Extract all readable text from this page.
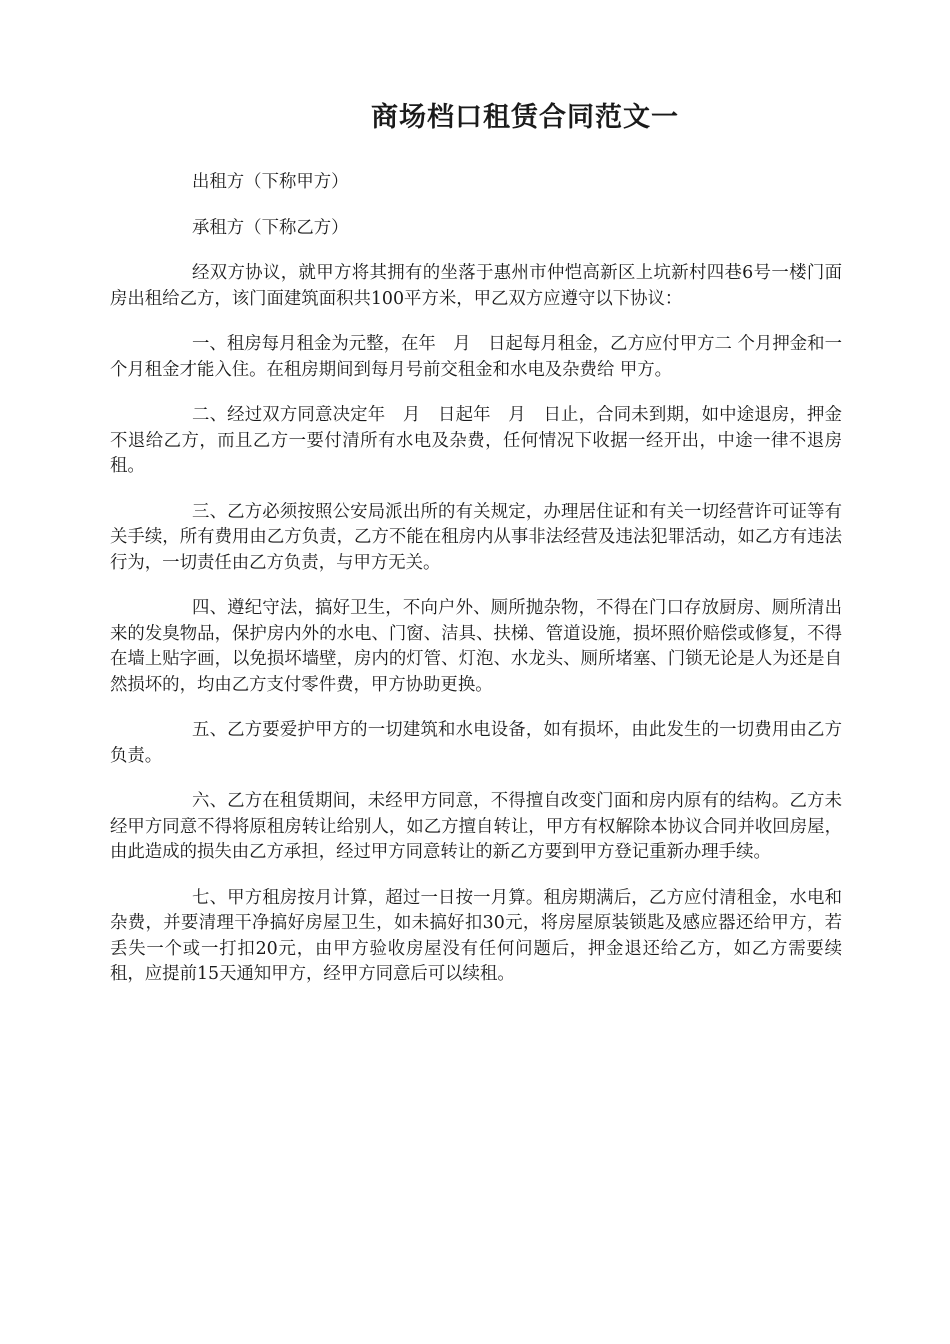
商场档口租赁合同范文一

出租方（下称甲方）

承租方（下称乙方）

经双方协议，就甲方将其拥有的坐落于惠州市仲恺高新区上坑新村四巷6号一楼门面房出租给乙方，该门面建筑面积共100平方米，甲乙双方应遵守以下协议：

一、租房每月租金为元整，在年　月　日起每月租金，乙方应付甲方二 个月押金和一个月租金才能入住。在租房期间到每月号前交租金和水电及杂费给 甲方。

二、经过双方同意决定年　月　日起年　月　日止，合同未到期，如中途退房，押金不退给乙方，而且乙方一要付清所有水电及杂费，任何情况下收据一经开出，中途一律不退房租。

三、乙方必须按照公安局派出所的有关规定，办理居住证和有关一切经营许可证等有关手续，所有费用由乙方负责，乙方不能在租房内从事非法经营及违法犯罪活动，如乙方有违法行为，一切责任由乙方负责，与甲方无关。

四、遵纪守法，搞好卫生，不向户外、厕所抛杂物，不得在门口存放厨房、厕所清出来的发臭物品，保护房内外的水电、门窗、洁具、扶梯、管道设施，损坏照价赔偿或修复，不得在墙上贴字画，以免损坏墙壁，房内的灯管、灯泡、水龙头、厕所堵塞、门锁无论是人为还是自然损坏的，均由乙方支付零件费，甲方协助更换。

五、乙方要爱护甲方的一切建筑和水电设备，如有损坏，由此发生的一切费用由乙方负责。

六、乙方在租赁期间，未经甲方同意，不得擅自改变门面和房内原有的结构。乙方未经甲方同意不得将原租房转让给别人，如乙方擅自转让，甲方有权解除本协议合同并收回房屋，由此造成的损失由乙方承担，经过甲方同意转让的新乙方要到甲方登记重新办理手续。

七、甲方租房按月计算，超过一日按一月算。租房期满后，乙方应付清租金，水电和杂费，并要清理干净搞好房屋卫生，如未搞好扣30元，将房屋原装锁匙及感应器还给甲方，若丢失一个或一打扣20元，由甲方验收房屋没有任何问题后，押金退还给乙方，如乙方需要续租，应提前15天通知甲方，经甲方同意后可以续租。
